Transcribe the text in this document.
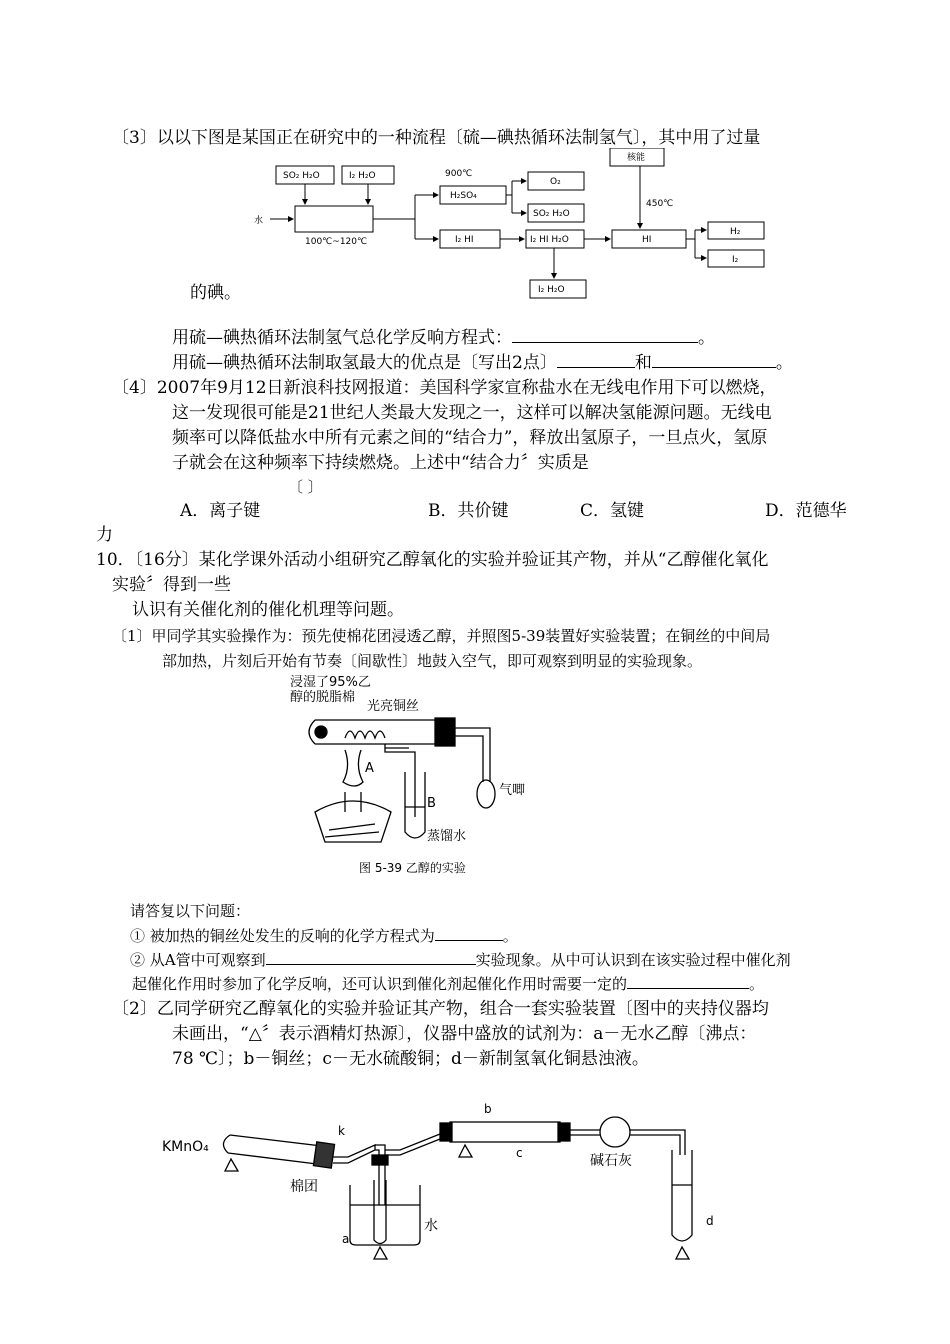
〔3〕以以下图是某国正在研究中的一种流程〔硫—碘热循环法制氢气〕，其中用了过量
SO₂ H₂O	I₂ H₂O
水
100℃~120℃
900℃
H₂SO₄
O₂
SO₂ H₂O
I₂ HI	I₂ HI H₂O
I₂ H₂O
核能
450℃
HI
H₂
I₂
的碘。
用硫—碘热循环法制氢气总化学反响方程式：	。
用硫—碘热循环法制取氢最大的优点是〔写出2点〕	和	。
〔4〕2007年9月12日新浪科技网报道：美国科学家宣称盐水在无线电作用下可以燃烧，
这一发现很可能是21世纪人类最大发现之一，这样可以解决氢能源问题。无线电
频率可以降低盐水中所有元素之间的“结合力”，释放出氢原子，一旦点火，氢原
子就会在这种频率下持续燃烧。上述中“结合力〞实质是
〔 〕
A．离子键	B．共价键	C．氢键	D．范德华
力
10．〔16分〕某化学课外活动小组研究乙醇氧化的实验并验证其产物，并从“乙醇催化氧化
实验〞得到一些
认识有关催化剂的催化机理等问题。
〔1〕甲同学其实验操作为：预先使棉花团浸透乙醇，并照图5-39装置好实验装置；在铜丝的中间局
部加热，片刻后开始有节奏〔间歇性〕地鼓入空气，即可观察到明显的实验现象。
浸湿了95%乙
醇的脱脂棉
光亮铜丝
A
B
气唧
蒸馏水
图 5-39 乙醇的实验
请答复以下问题：
① 被加热的铜丝处发生的反响的化学方程式为	。
② 从A管中可观察到	实验现象。从中可认识到在该实验过程中催化剂
起催化作用时参加了化学反响，还可认识到催化剂起催化作用时需要一定的	。
〔2〕乙同学研究乙醇氧化的实验并验证其产物，组合一套实验装置〔图中的夹持仪器均
未画出，“△〞表示酒精灯热源〕，仪器中盛放的试剂为：a－无水乙醇〔沸点：
78 ℃〕；b－铜丝；c－无水硫酸铜；d－新制氢氧化铜悬浊液。
KMnO₄
k
棉团
b
c	碱石灰
水
a
d
